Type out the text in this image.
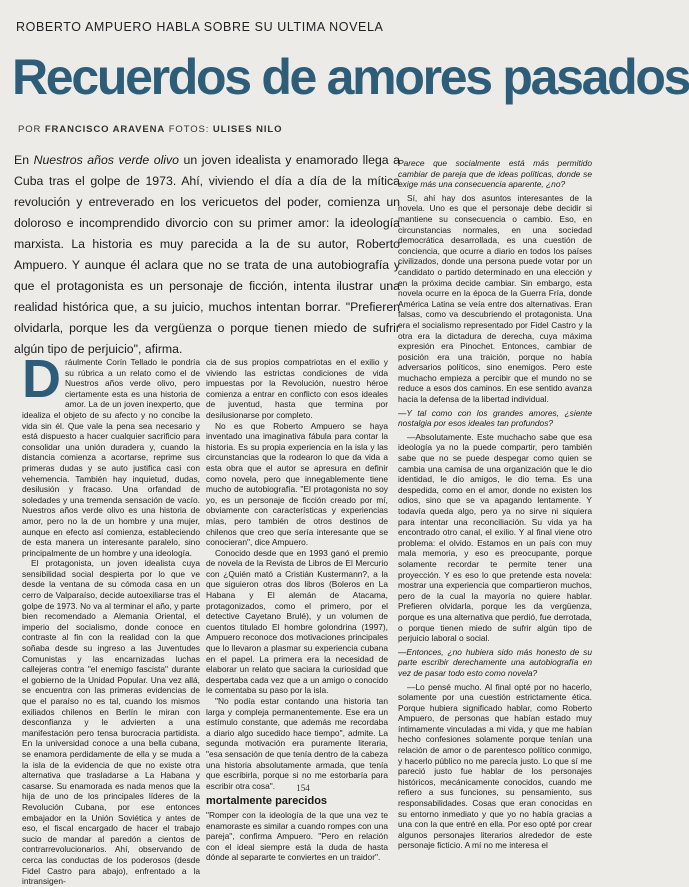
ROBERTO AMPUERO HABLA SOBRE SU ULTIMA NOVELA
Recuerdos de amores pasados
POR FRANCISCO ARAVENA FOTOS: ULISES NILO

En Nuestros años verde olivo un joven idealista y enamorado llega a Cuba tras el golpe de 1973. Ahí, viviendo el día a día de la mítica revolución y entreverado en los vericuetos del poder, comienza un doloroso e incomprendido divorcio con su primer amor: la ideología marxista. La historia es muy parecida a la de su autor, Roberto Ampuero. Y aunque él aclara que no se trata de una autobiografía y que el protagonista es un personaje de ficción, intenta ilustrar una realidad histórica que, a su juicio, muchos intentan borrar. "Prefieren olvidarla, porque les da vergüenza o porque tienen miedo de sufrir algún tipo de perjuicio", afirma.

Dráulmente Corín Tellado le pondría su rúbrica a un relato como el de Nuestros años verde olivo, pero ciertamente esta es una historia de amor. La de un joven inexperto, que idealiza el objeto de su afecto y no concibe la vida sin él. Que vale la pena sea necesario y está dispuesto a hacer cualquier sacrificio para consolidar una unión duradera y, cuando la distancia comienza a acortarse, reprime sus primeras dudas y se auto justifica casi con vehemencia. También hay inquietud, dudas, desilusión y fracaso. Una orfandad de soledades y una tremenda sensación de vacío. Nuestros años verde olivo es una historia de amor, pero no la de un hombre y una mujer, aunque en efecto así comienza, estableciendo de esta manera un interesante paralelo, sino principalmente de un hombre y una ideología.

El protagonista, un joven idealista cuya sensibilidad social despierta por lo que ve desde la ventana de su cómoda casa en un cerro de Valparaíso, decide autoexiliarse tras el golpe de 1973. No va al terminar el año, y parte bien recomendado a Alemania Oriental, el imperio del socialismo, donde conoce en contraste al fin con la realidad con la que soñaba desde su ingreso a las Juventudes Comunistas y las encarnizadas luchas callejeras contra "el enemigo fascista" durante el gobierno de la Unidad Popular. Una vez allá, se encuentra con las primeras evidencias de que el paraíso no es tal, cuando los mismos exiliados chilenos en Berlín le miran con desconfianza y le advierten a una manifestación pero tensa burocracia partidista. En la universidad conoce a una bella cubana, se enamora perdidamente de ella y se muda a la isla de la evidencia de que no existe otra alternativa que trasladarse a La Habana y casarse. Su enamorada es nada menos que la hija de uno de los principales líderes de la Revolución Cubana, por ese entonces embajador en la Unión Soviética y antes de eso, el fiscal encargado de hacer el trabajo sucio de mandar al paredón a cientos de contrarrevolucionarios. Ahí, observando de cerca las conductas de los poderosos (desde Fidel Castro para abajo), enfrentado a la intransigen-

cia de sus propios compatriotas en el exilio y viviendo las estrictas condiciones de vida impuestas por la Revolución, nuestro héroe comienza a entrar en conflicto con esos ideales de juventud, hasta que termina por desilusionarse por completo.

No es que Roberto Ampuero se haya inventado una imaginativa fábula para contar la historia. Es su propia experiencia en la isla y las circunstancias que la rodearon lo que da vida a esta obra que el autor se apresura en definir como novela, pero que innegablemente tiene mucho de autobiografía. "El protagonista no soy yo, es un personaje de ficción creado por mí, obviamente con características y experiencias mías, pero también de otros destinos de chilenos que creo que sería interesante que se conocieran", dice Ampuero.

Conocido desde que en 1993 ganó el premio de novela de la Revista de Libros de El Mercurio con ¿Quién mató a Cristián Kustermann?, a la que siguieron otras dos libros (Boleros en La Habana y El alemán de Atacama, protagonizados, como el primero, por el detective Cayetano Brulé), y un volumen de cuentos titulado El hombre golondrina (1997), Ampuero reconoce dos motivaciones principales que lo llevaron a plasmar su experiencia cubana en el papel. La primera era la necesidad de elaborar un relato que saciara la curiosidad que despertaba cada vez que a un amigo o conocido le comentaba su paso por la isla.

"No podía estar contando una historia tan larga y compleja permanentemente. Ese era un estímulo constante, que además me recordaba a diario algo sucedido hace tiempo", admite. La segunda motivación era puramente literaria, "esa sensación de que tenía dentro de la cabeza una historia absolutamente armada, que tenía que escribirla, porque si no me estorbaría para escribir otra cosa".

mortalmente parecidos

"Romper con la ideología de la que una vez te enamoraste es similar a cuando rompes con una pareja", confirma Ampuero. "Pero en relación con el ideal siempre está la duda de hasta dónde al separarte te conviertes en un traidor".

Parece que socialmente está más permitido cambiar de pareja que de ideas políticas, donde se exige más una consecuencia aparente, ¿no?

Sí, ahí hay dos asuntos interesantes de la novela. Uno es que el personaje debe decidir si mantiene su consecuencia o cambio. Eso, en circunstancias normales, en una sociedad democrática desarrollada, es una cuestión de conciencia, que ocurre a diario en todos los países civilizados, donde una persona puede votar por un candidato o partido determinado en una elección y en la próxima decide cambiar. Sin embargo, esta novela ocurre en la época de la Guerra Fría, donde América Latina se veía entre dos alternativas. Eran falsas, como va descubriendo el protagonista. Una era el socialismo representado por Fidel Castro y la otra era la dictadura de derecha, cuya máxima expresión era Pinochet. Entonces, cambiar de posición era una traición, porque no había adversarios políticos, sino enemigos. Pero este muchacho empieza a percibir que el mundo no se reduce a esos dos caminos. En ese sentido avanza hacia la defensa de la libertad individual.

—Y tal como con los grandes amores, ¿siente nostalgia por esos ideales tan profundos?

—Absolutamente. Este muchacho sabe que esa ideología ya no la puede compartir, pero también sabe que no se puede despegar como quien se cambia una camisa de una organización que le dio identidad, le dio amigos, le dio tema. Es una despedida, como en el amor, donde no existen los odios, sino que se va apagando lentamente. Y todavía queda algo, pero ya no sirve ni siquiera para intentar una reconciliación. Su vida ya ha encontrado otro canal, el exilio. Y al final viene otro problema: el olvido. Estamos en un país con muy mala memoria, y eso es preocupante, porque solamente recordar te permite tener una proyección. Y es eso lo que pretende esta novela: mostrar una experiencia que compartieron muchos, pero de la cual la mayoría no quiere hablar. Prefieren olvidarla, porque les da vergüenza, porque es una alternativa que perdió, fue derrotada, o porque tienen miedo de sufrir algún tipo de perjuicio laboral o social.

—Entonces, ¿no hubiera sido más honesto de su parte escribir derechamente una autobiografía en vez de pasar todo esto como novela?

—Lo pensé mucho. Al final opté por no hacerlo, solamente por una cuestión estrictamente ética. Porque hubiera significado hablar, como Roberto Ampuero, de personas que habían estado muy íntimamente vinculadas a mi vida, y que me habían hecho confesiones solamente porque tenían una relación de amor o de parentesco político conmigo, y hacerlo público no me parecía justo. Lo que sí me pareció justo fue hablar de los personajes históricos, mecánicamente conocidos, cuando me refiero a sus funciones, su pensamiento, sus responsabilidades. Cosas que eran conocidas en su entorno inmediato y que yo no había gracias a una con la que entré en ella. Por eso opté por crear algunos personajes literarios alrededor de este personaje ficticio. A mí no me interesa el

154
